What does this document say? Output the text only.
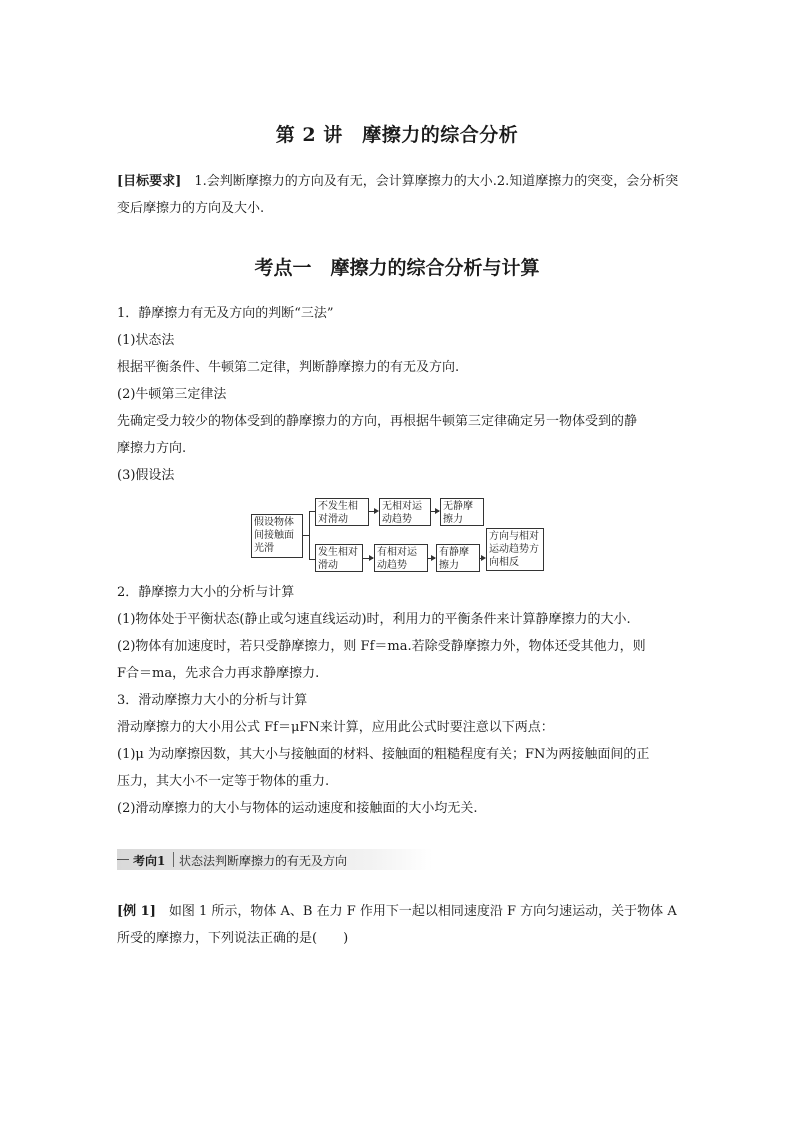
第 2 讲　摩擦力的综合分析
[目标要求]　1.会判断摩擦力的方向及有无，会计算摩擦力的大小.2.知道摩擦力的突变，会分析突变后摩擦力的方向及大小.
考点一　摩擦力的综合分析与计算
1．静摩擦力有无及方向的判断“三法”
(1)状态法
根据平衡条件、牛顿第二定律，判断静摩擦力的有无及方向.
(2)牛顿第三定律法
先确定受力较少的物体受到的静摩擦力的方向，再根据牛顿第三定律确定另一物体受到的静
摩擦力方向.
(3)假设法
假设物体间接触面光滑
不发生相对滑动
无相对运动趋势
无静摩擦力
发生相对滑动
有相对运动趋势
有静摩擦力
方向与相对运动趋势方向相反
2．静摩擦力大小的分析与计算
(1)物体处于平衡状态(静止或匀速直线运动)时，利用力的平衡条件来计算静摩擦力的大小.
(2)物体有加速度时，若只受静摩擦力，则 Ff＝ma.若除受静摩擦力外，物体还受其他力，则
F合＝ma，先求合力再求静摩擦力.
3．滑动摩擦力大小的分析与计算
滑动摩擦力的大小用公式 Ff＝μFN来计算，应用此公式时要注意以下两点：
(1)μ 为动摩擦因数，其大小与接触面的材料、接触面的粗糙程度有关；FN为两接触面间的正
压力，其大小不一定等于物体的重力.
(2)滑动摩擦力的大小与物体的运动速度和接触面的大小均无关.
考向1 状态法判断摩擦力的有无及方向
[例 1]　如图 1 所示，物体 A、B 在力 F 作用下一起以相同速度沿 F 方向匀速运动，关于物体 A 所受的摩擦力，下列说法正确的是(　　)
